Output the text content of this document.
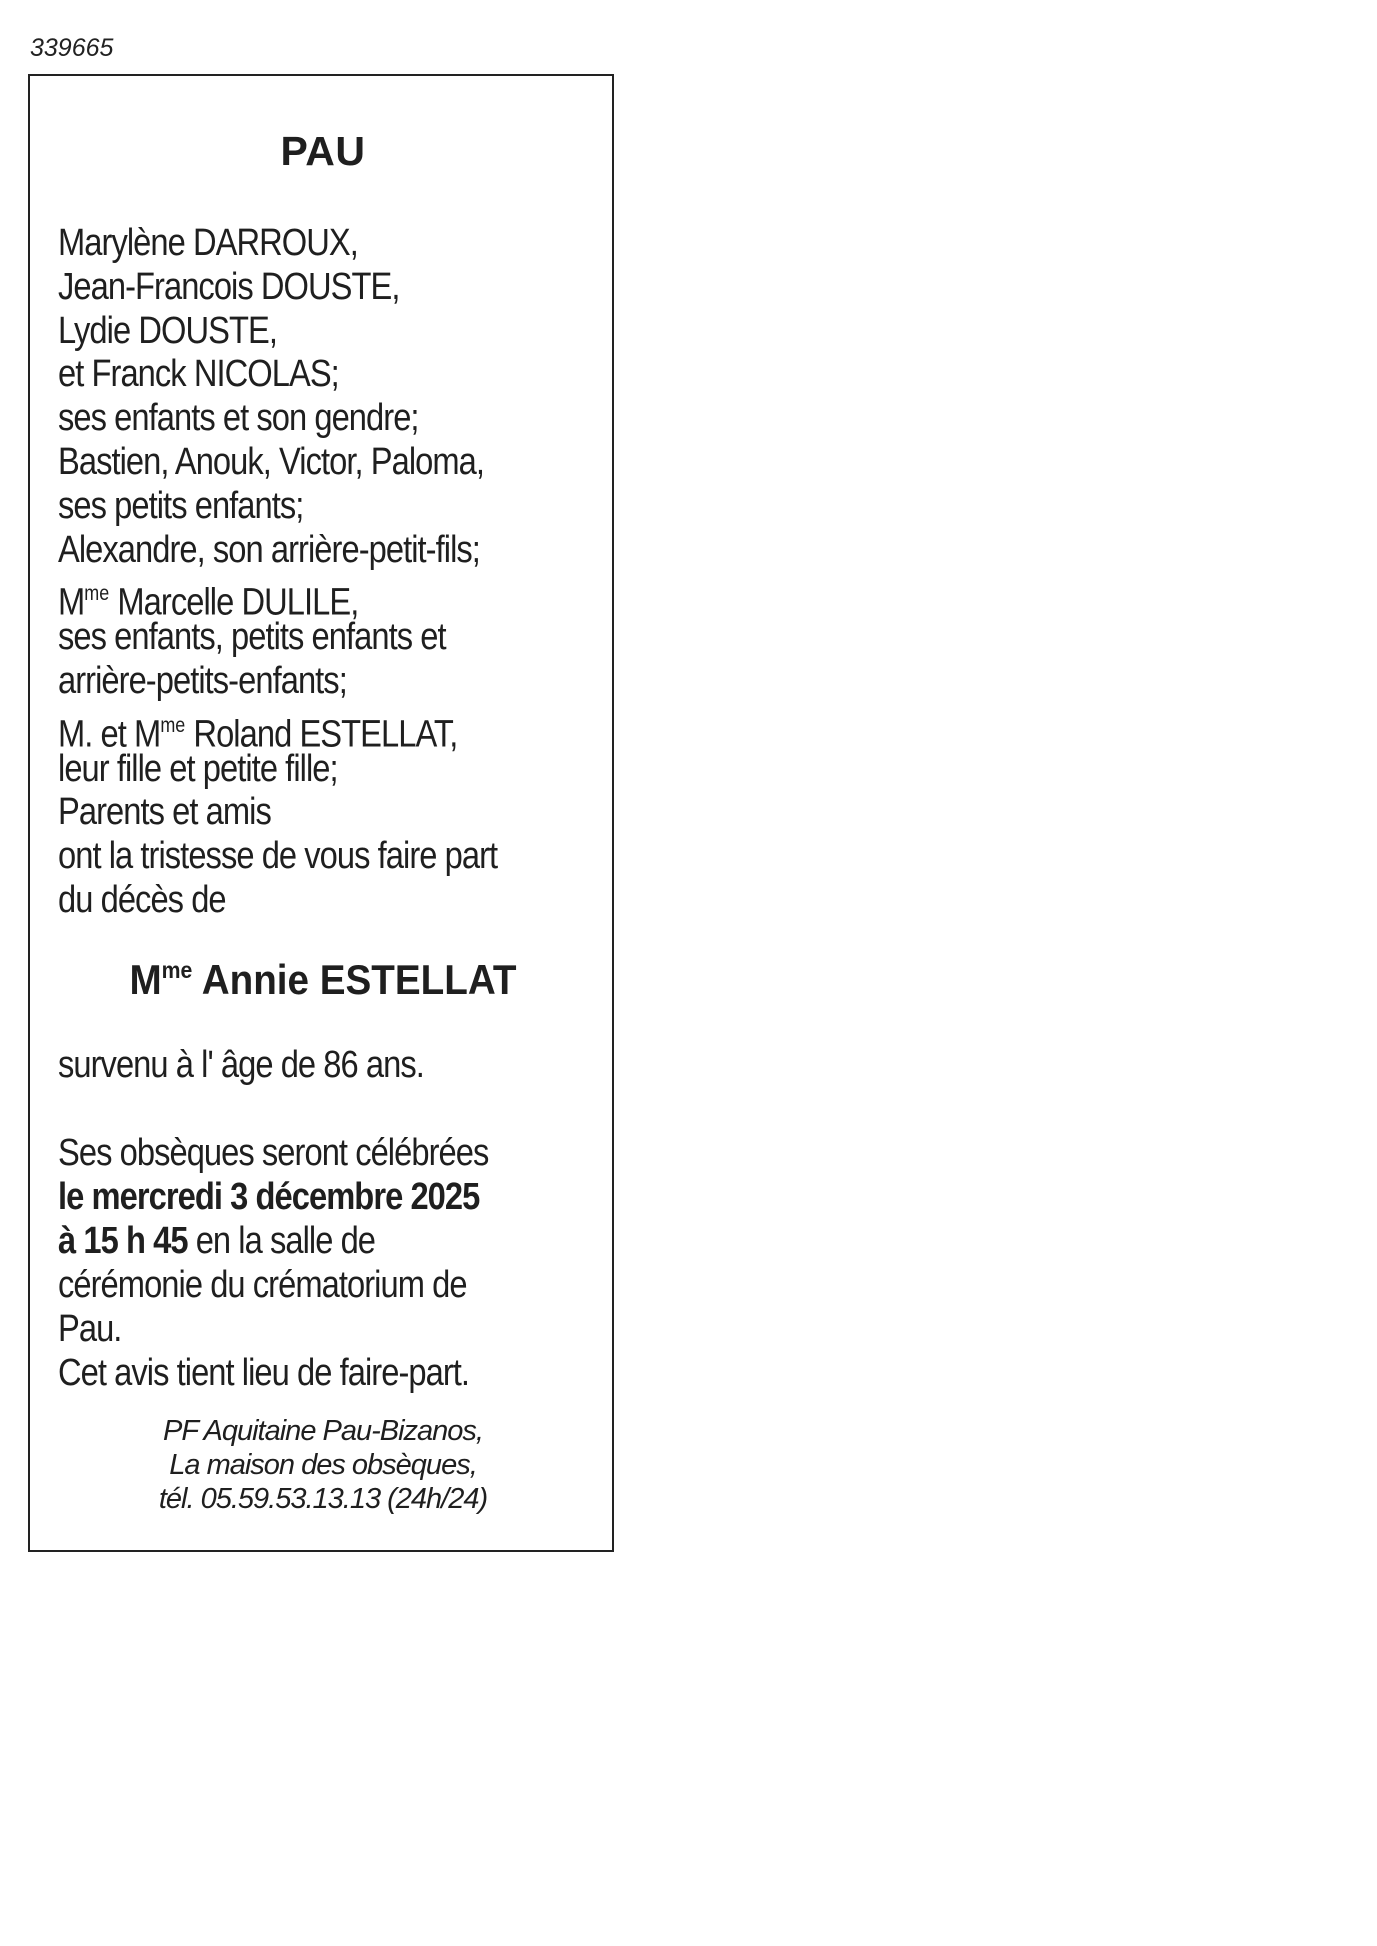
339665
PAU
Marylène DARROUX,
Jean-Francois DOUSTE,
Lydie DOUSTE,
et Franck NICOLAS;
ses enfants et son gendre;
Bastien, Anouk, Victor, Paloma,
ses petits enfants;
Alexandre, son arrière-petit-fils;
$M^{me}$ Marcelle DULILE,
ses enfants, petits enfants et
arrière-petits-enfants;
M. et $M^{me}$ Roland ESTELLAT,
leur fille et petite fille;
Parents et amis
ont la tristesse de vous faire part
du décès de
$M^{me}$ Annie ESTELLAT
survenu à l' âge de 86 ans.
Ses obsèques seront célébrées
le mercredi 3 décembre 2025
à 15 h 45 en la salle de
cérémonie du crématorium de
Pau.
Cet avis tient lieu de faire-part.
PF Aquitaine Pau-Bizanos,
La maison des obsèques,
tél. 05.59.53.13.13 (24h/24)
